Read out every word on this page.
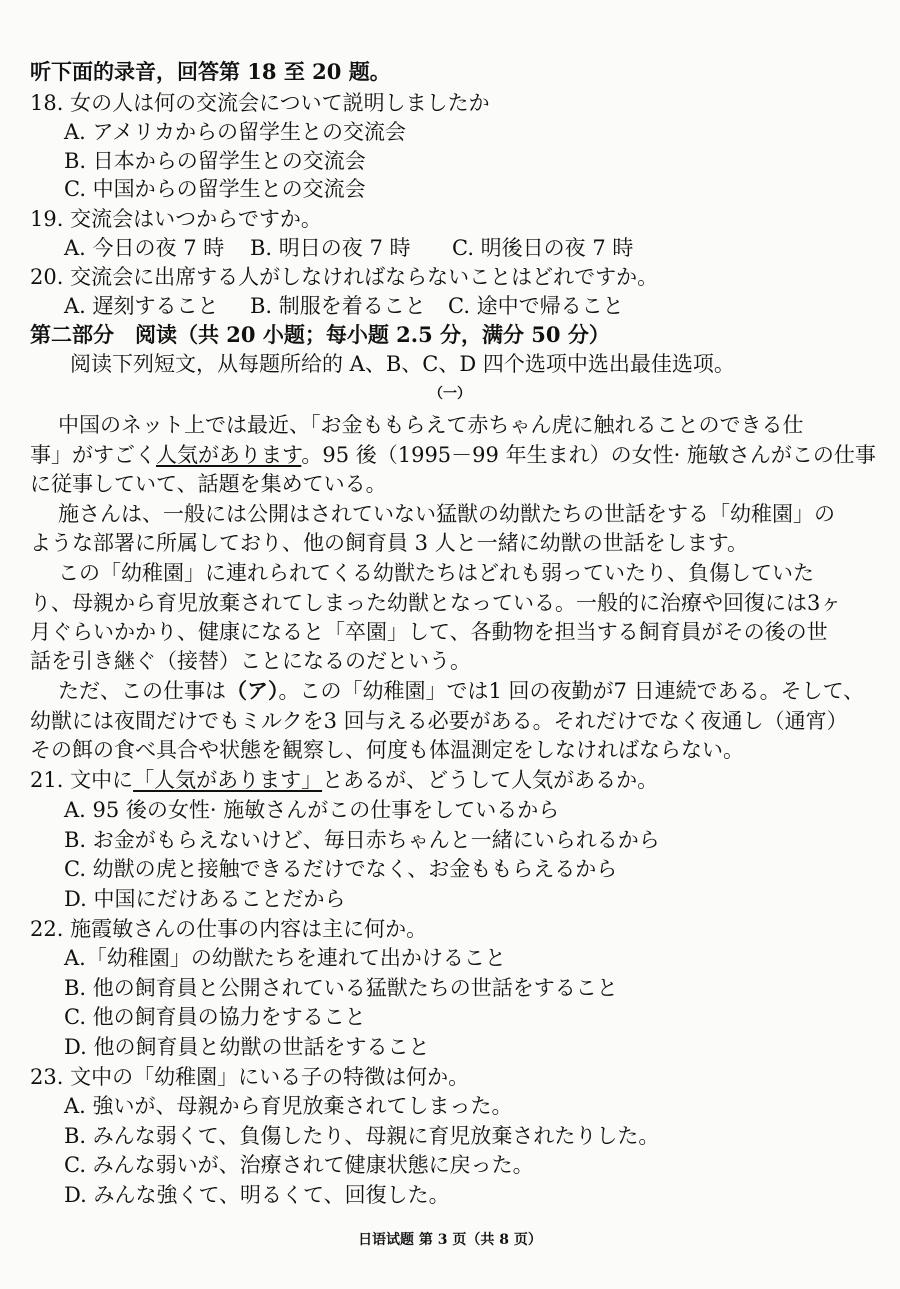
听下面的录音，回答第 18 至 20 题。
18. 女の人は何の交流会について説明しましたか
A. アメリカからの留学生との交流会
B. 日本からの留学生との交流会
C. 中国からの留学生との交流会
19. 交流会はいつからですか。
A. 今日の夜 7 時 B. 明日の夜 7 時 C. 明後日の夜 7 時
20. 交流会に出席する人がしなければならないことはどれですか。
A. 遅刻すること B. 制服を着ること C. 途中で帰ること
第二部分　阅读（共 20 小题；每小题 2.5 分，满分 50 分）
阅读下列短文，从每题所给的 A、B、C、D 四个选项中选出最佳选项。
（一）
中国のネット上では最近、「お金ももらえて赤ちゃん虎に触れることのできる仕
事」がすごく人気があります。95 後（1995－99 年生まれ）の女性· 施敏さんがこの仕事
に従事していて、話題を集めている。
施さんは、一般には公開はされていない猛獣の幼獣たちの世話をする「幼稚園」の
ような部署に所属しており、他の飼育員 3 人と一緒に幼獣の世話をします。
この「幼稚園」に連れられてくる幼獣たちはどれも弱っていたり、負傷していた
り、母親から育児放棄されてしまった幼獣となっている。一般的に治療や回復には3ヶ
月ぐらいかかり、健康になると「卒園」して、各動物を担当する飼育員がその後の世
話を引き継ぐ（接替）ことになるのだという。
ただ、この仕事は（ア）。この「幼稚園」では1 回の夜勤が7 日連続である。そして、
幼獣には夜間だけでもミルクを3 回与える必要がある。それだけでなく夜通し（通宵）
その餌の食べ具合や状態を観察し、何度も体温測定をしなければならない。
21. 文中に「人気があります」とあるが、どうして人気があるか。
A. 95 後の女性· 施敏さんがこの仕事をしているから
B. お金がもらえないけど、毎日赤ちゃんと一緒にいられるから
C. 幼獣の虎と接触できるだけでなく、お金ももらえるから
D. 中国にだけあることだから
22. 施霞敏さんの仕事の内容は主に何か。
A.「幼稚園」の幼獣たちを連れて出かけること
B. 他の飼育員と公開されている猛獣たちの世話をすること
C. 他の飼育員の協力をすること
D. 他の飼育員と幼獣の世話をすること
23. 文中の「幼稚園」にいる子の特徴は何か。
A. 強いが、母親から育児放棄されてしまった。
B. みんな弱くて、負傷したり、母親に育児放棄されたりした。
C. みんな弱いが、治療されて健康状態に戻った。
D. みんな強くて、明るくて、回復した。
日语试题 第 3 页（共 8 页）
